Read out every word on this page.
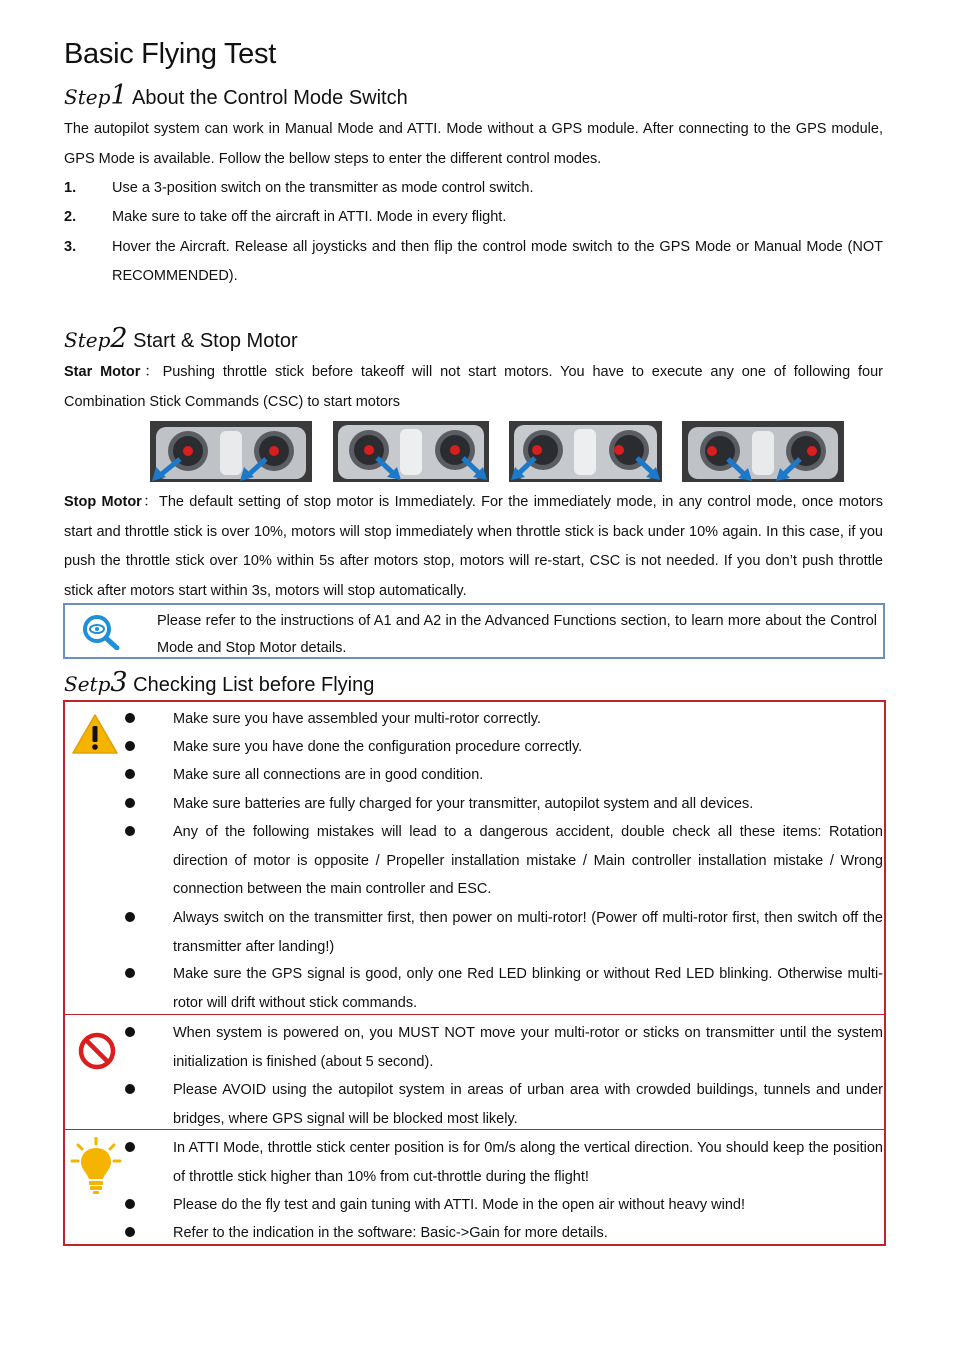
Basic Flying Test
Step1 About the Control Mode Switch

The autopilot system can work in Manual Mode and ATTI. Mode without a GPS module. After connecting to the GPS module, GPS Mode is available. Follow the bellow steps to enter the different control modes.

1. Use a 3-position switch on the transmitter as mode control switch.
2. Make sure to take off the aircraft in ATTI. Mode in every flight.
3. Hover the Aircraft. Release all joysticks and then flip the control mode switch to the GPS Mode or Manual Mode (NOT RECOMMENDED).
Step2 Start & Stop Motor

Star Motor：Pushing throttle stick before takeoff will not start motors. You have to execute any one of following four Combination Stick Commands (CSC) to start motors

Stop Motor：The default setting of stop motor is Immediately. For the immediately mode, in any control mode, once motors start and throttle stick is over 10%, motors will stop immediately when throttle stick is back under 10% again. In this case, if you push the throttle stick over 10% within 5s after motors stop, motors will re-start, CSC is not needed. If you don’t push throttle stick after motors start within 3s, motors will stop automatically.

Please refer to the instructions of A1 and A2 in the Advanced Functions section, to learn more about the Control Mode and Stop Motor details.
Setp3 Checking List before Flying
Make sure you have assembled your multi-rotor correctly.
Make sure you have done the configuration procedure correctly.
Make sure all connections are in good condition.
Make sure batteries are fully charged for your transmitter, autopilot system and all devices.
Any of the following mistakes will lead to a dangerous accident, double check all these items: Rotation direction of motor is opposite / Propeller installation mistake / Main controller installation mistake / Wrong connection between the main controller and ESC.
Always switch on the transmitter first, then power on multi-rotor! (Power off multi-rotor first, then switch off the transmitter after landing!)
Make sure the GPS signal is good, only one Red LED blinking or without Red LED blinking. Otherwise multi-rotor will drift without stick commands.
When system is powered on, you MUST NOT move your multi-rotor or sticks on transmitter until the system initialization is finished (about 5 second).
Please AVOID using the autopilot system in areas of urban area with crowded buildings, tunnels and under bridges, where GPS signal will be blocked most likely.
In ATTI Mode, throttle stick center position is for 0m/s along the vertical direction. You should keep the position of throttle stick higher than 10% from cut-throttle during the flight!
Please do the fly test and gain tuning with ATTI. Mode in the open air without heavy wind!
Refer to the indication in the software: Basic->Gain for more details.
